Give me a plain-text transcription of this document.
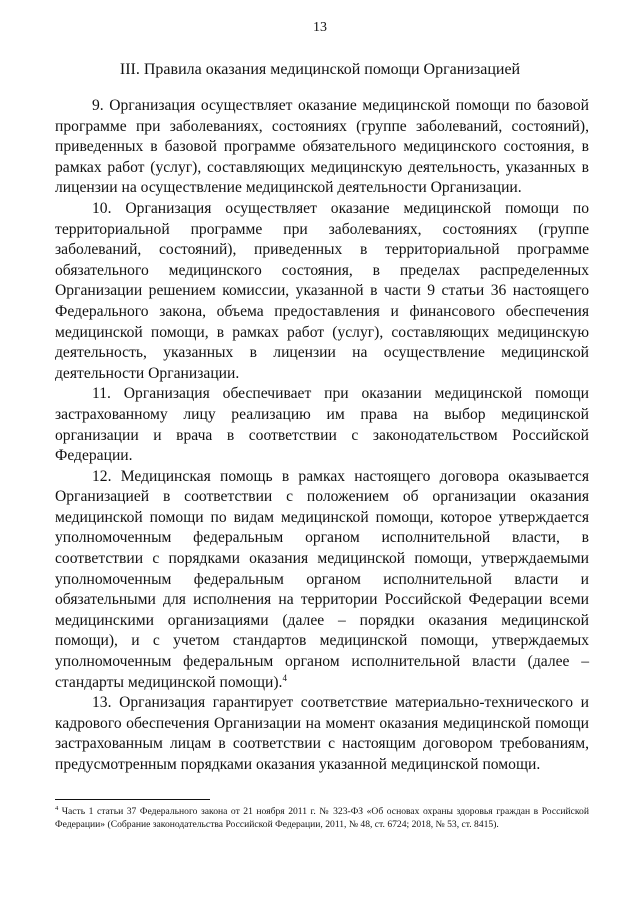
13
III. Правила оказания медицинской помощи Организацией

9. Организация осуществляет оказание медицинской помощи по базовой программе при заболеваниях, состояниях (группе заболеваний, состояний), приведенных в базовой программе обязательного медицинского состояния, в рамках работ (услуг), составляющих медицинскую деятельность, указанных в лицензии на осуществление медицинской деятельности Организации.

10. Организация осуществляет оказание медицинской помощи по территориальной программе при заболеваниях, состояниях (группе заболеваний, состояний), приведенных в территориальной программе обязательного медицинского состояния, в пределах распределенных Организации решением комиссии, указанной в части 9 статьи 36 настоящего Федерального закона, объема предоставления и финансового обеспечения медицинской помощи, в рамках работ (услуг), составляющих медицинскую деятельность, указанных в лицензии на осуществление медицинской деятельности Организации.

11. Организация обеспечивает при оказании медицинской помощи застрахованному лицу реализацию им права на выбор медицинской организации и врача в соответствии с законодательством Российской Федерации.

12. Медицинская помощь в рамках настоящего договора оказывается Организацией в соответствии с положением об организации оказания медицинской помощи по видам медицинской помощи, которое утверждается уполномоченным федеральным органом исполнительной власти, в соответствии с порядками оказания медицинской помощи, утверждаемыми уполномоченным федеральным органом исполнительной власти и обязательными для исполнения на территории Российской Федерации всеми медицинскими организациями (далее – порядки оказания медицинской помощи), и с учетом стандартов медицинской помощи, утверждаемых уполномоченным федеральным органом исполнительной власти (далее – стандарты медицинской помощи).$^4$

13. Организация гарантирует соответствие материально-технического и кадрового обеспечения Организации на момент оказания медицинской помощи застрахованным лицам в соответствии с настоящим договором требованиям, предусмотренным порядками оказания указанной медицинской помощи.

$^4$ Часть 1 статьи 37 Федерального закона от 21 ноября 2011 г. № 323-ФЗ «Об основах охраны здоровья граждан в Российской Федерации» (Собрание законодательства Российской Федерации, 2011, № 48, ст. 6724; 2018, № 53, ст. 8415).
